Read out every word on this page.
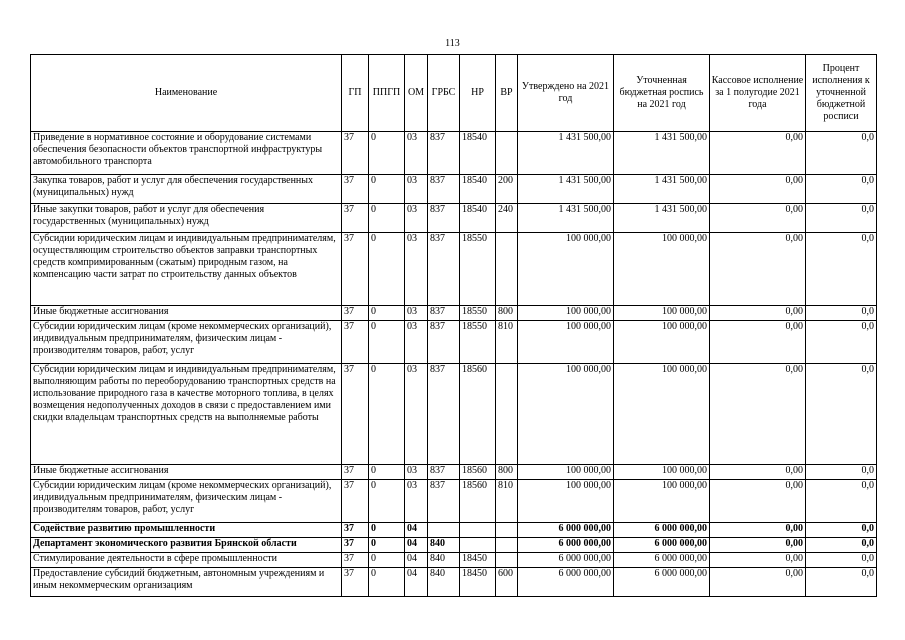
113
Наименование	ГП	ППГП	ОМ	ГРБС	НР	ВР	Утверждено на 2021 год	Уточненная бюджетная роспись на 2021 год	Кассовое исполнение за 1 полугодие 2021 года	Процент исполнения к уточненной бюджетной росписи
Приведение в нормативное состояние и оборудование системами обеспечения безопасности объектов транспортной инфраструктуры автомобильного транспорта	37	0	03	837	18540		1 431 500,00	1 431 500,00	0,00	0,0
Закупка товаров, работ и услуг для обеспечения государственных (муниципальных) нужд	37	0	03	837	18540	200	1 431 500,00	1 431 500,00	0,00	0,0
Иные закупки товаров, работ и услуг для обеспечения государственных (муниципальных) нужд	37	0	03	837	18540	240	1 431 500,00	1 431 500,00	0,00	0,0
Субсидии юридическим лицам и индивидуальным предпринимателям, осуществляющим строительство объектов заправки транспортных средств компримированным (сжатым) природным газом, на компенсацию части затрат по строительству данных объектов	37	0	03	837	18550		100 000,00	100 000,00	0,00	0,0
Иные бюджетные ассигнования	37	0	03	837	18550	800	100 000,00	100 000,00	0,00	0,0
Субсидии юридическим лицам (кроме некоммерческих организаций), индивидуальным предпринимателям, физическим лицам - производителям товаров, работ, услуг	37	0	03	837	18550	810	100 000,00	100 000,00	0,00	0,0
Субсидии юридическим лицам и индивидуальным предпринимателям, выполняющим работы по переоборудованию транспортных средств на использование природного газа в качестве моторного топлива, в целях возмещения недополученных доходов в связи с предоставлением ими скидки владельцам транспортных средств на выполняемые работы	37	0	03	837	18560		100 000,00	100 000,00	0,00	0,0
Иные бюджетные ассигнования	37	0	03	837	18560	800	100 000,00	100 000,00	0,00	0,0
Субсидии юридическим лицам (кроме некоммерческих организаций), индивидуальным предпринимателям, физическим лицам - производителям товаров, работ, услуг	37	0	03	837	18560	810	100 000,00	100 000,00	0,00	0,0
Содействие развитию промышленности	37	0	04				6 000 000,00	6 000 000,00	0,00	0,0
Департамент экономического развития Брянской области	37	0	04	840			6 000 000,00	6 000 000,00	0,00	0,0
Стимулирование деятельности в сфере промышленности	37	0	04	840	18450		6 000 000,00	6 000 000,00	0,00	0,0
Предоставление субсидий бюджетным, автономным учреждениям и иным некоммерческим организациям	37	0	04	840	18450	600	6 000 000,00	6 000 000,00	0,00	0,0
